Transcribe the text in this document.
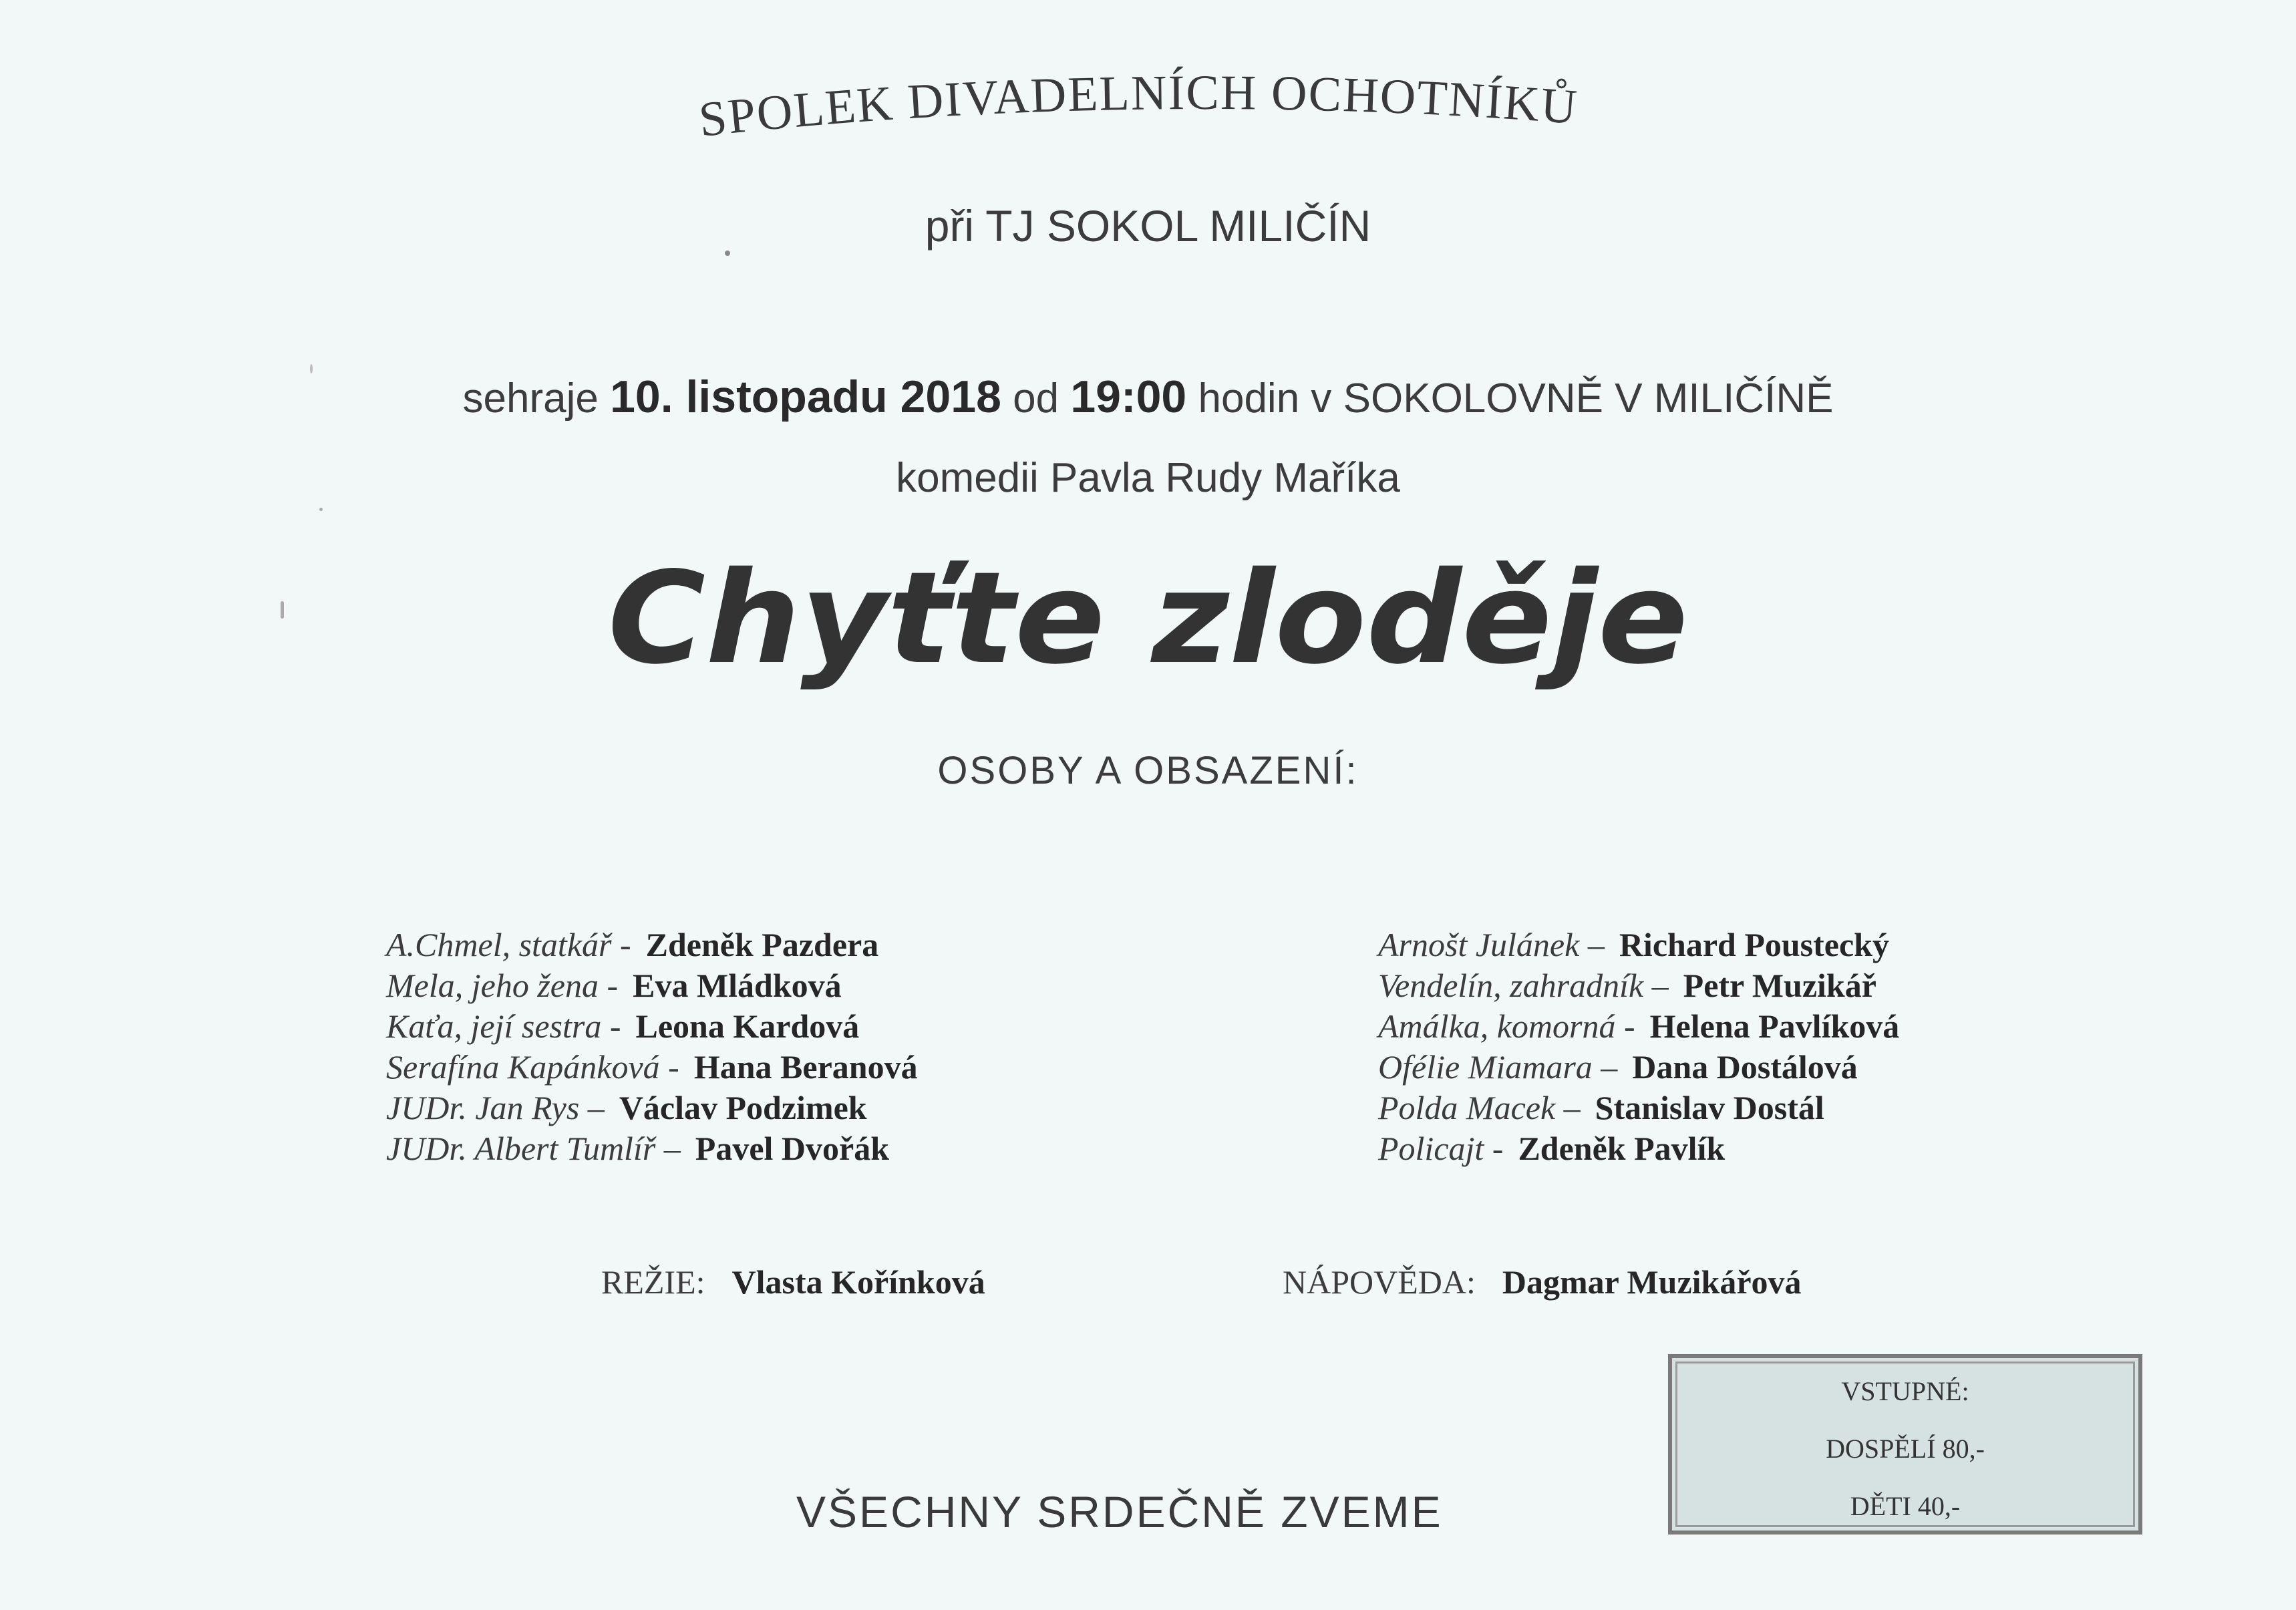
SPOLEK DIVADELNÍCH OCHOTNÍKŮ
při TJ SOKOL MILIČÍN
sehraje 10. listopadu 2018 od 19:00 hodin v SOKOLOVNĚ V MILIČÍNĚ
komedii Pavla Rudy Maříka
Chyťte zloděje
OSOBY A OBSAZENÍ:
A.Chmel, statkář - Zdeněk Pazdera
Mela, jeho žena - Eva Mládková
Kaťa, její sestra - Leona Kardová
Serafína Kapánková - Hana Beranová
JUDr. Jan Rys – Václav Podzimek
JUDr. Albert Tumlíř – Pavel Dvořák
Arnošt Julánek – Richard Poustecký
Vendelín, zahradník – Petr Muzikář
Amálka, komorná - Helena Pavlíková
Ofélie Miamara – Dana Dostálová
Polda Macek – Stanislav Dostál
Policajt - Zdeněk Pavlík
REŽIE: Vlasta Kořínková	NÁPOVĚDA: Dagmar Muzikářová
VSTUPNÉ:
DOSPĚLÍ 80,-
DĚTI 40,-
VŠECHNY SRDEČNĚ ZVEME
